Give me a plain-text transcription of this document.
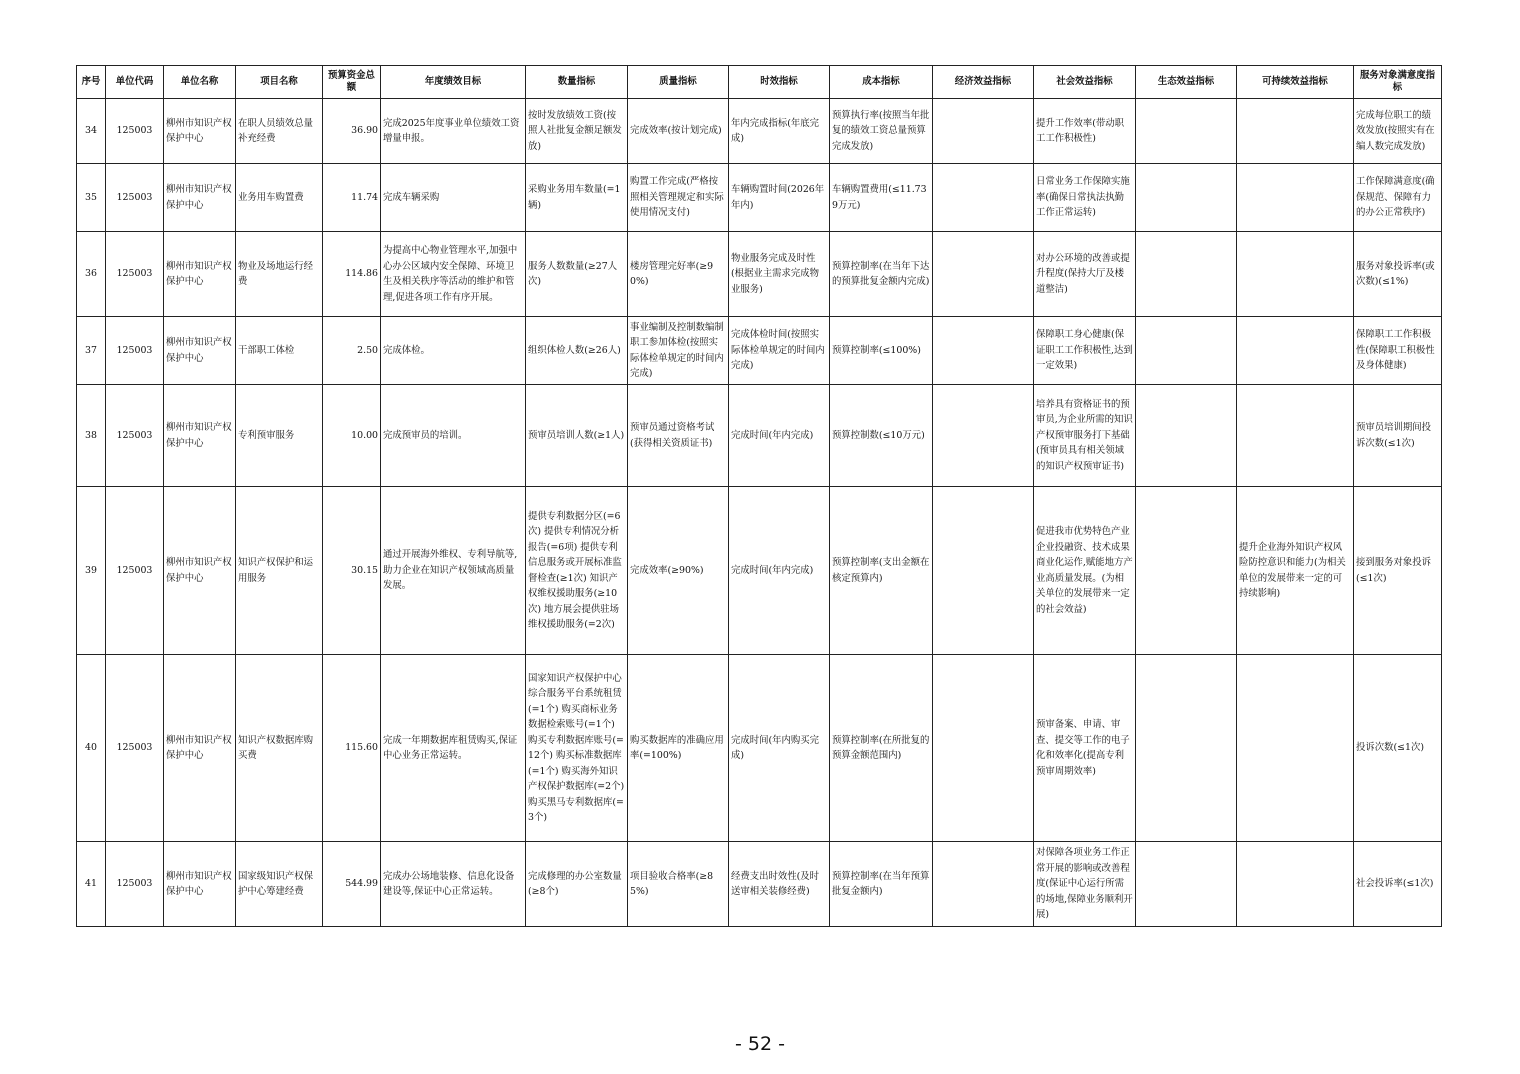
序号	单位代码	单位名称	项目名称	预算资金总额	年度绩效目标	数量指标	质量指标	时效指标	成本指标	经济效益指标	社会效益指标	生态效益指标	可持续效益指标	服务对象满意度指标
34	125003	柳州市知识产权保护中心	在职人员绩效总量补充经费	36.90	完成2025年度事业单位绩效工资增量申报。	按时发放绩效工资(按照人社批复金额足额发放)	完成效率(按计划完成)	年内完成指标(年底完成)	预算执行率(按照当年批复的绩效工资总量预算完成发放)		提升工作效率(带动职工工作积极性)			完成每位职工的绩效发放(按照实有在编人数完成发放)
35	125003	柳州市知识产权保护中心	业务用车购置费	11.74	完成车辆采购	采购业务用车数量(=1辆)	购置工作完成(严格按照相关管理规定和实际使用情况支付)	车辆购置时间(2026年年内)	车辆购置费用(≤11.739万元)		日常业务工作保障实施率(确保日常执法执勤工作正常运转)			工作保障满意度(确保规范、保障有力的办公正常秩序)
36	125003	柳州市知识产权保护中心	物业及场地运行经费	114.86	为提高中心物业管理水平,加强中心办公区域内安全保障、环境卫生及相关秩序等活动的维护和管理,促进各项工作有序开展。	服务人数数量(≥27人次)	楼房管理完好率(≥90%)	物业服务完成及时性(根据业主需求完成物业服务)	预算控制率(在当年下达的预算批复金额内完成)		对办公环境的改善或提升程度(保持大厅及楼道整洁)			服务对象投诉率(或次数)(≤1%)
37	125003	柳州市知识产权保护中心	干部职工体检	2.50	完成体检。	组织体检人数(≥26人)	事业编制及控制数编制职工参加体检(按照实际体检单规定的时间内完成)	完成体检时间(按照实际体检单规定的时间内完成)	预算控制率(≤100%)		保障职工身心健康(保证职工工作积极性,达到一定效果)			保障职工工作积极性(保障职工积极性及身体健康)
38	125003	柳州市知识产权保护中心	专利预审服务	10.00	完成预审员的培训。	预审员培训人数(≥1人)	预审员通过资格考试(获得相关资质证书)	完成时间(年内完成)	预算控制数(≤10万元)		培养具有资格证书的预审员,为企业所需的知识产权预审服务打下基础(预审员具有相关领域的知识产权预审证书)			预审员培训期间投诉次数(≤1次)
39	125003	柳州市知识产权保护中心	知识产权保护和运用服务	30.15	通过开展海外维权、专利导航等,助力企业在知识产权领域高质量发展。	提供专利数据分区(=6次) 提供专利情况分析报告(=6项) 提供专利信息服务或开展标准监督检查(≥1次) 知识产权维权援助服务(≥10次) 地方展会提供驻场维权援助服务(=2次)	完成效率(≥90%)	完成时间(年内完成)	预算控制率(支出金额在核定预算内)		促进我市优势特色产业企业投融资、技术成果商业化运作,赋能地方产业高质量发展。(为相关单位的发展带来一定的社会效益)		提升企业海外知识产权风险防控意识和能力(为相关单位的发展带来一定的可持续影响)	接到服务对象投诉(≤1次)
40	125003	柳州市知识产权保护中心	知识产权数据库购买费	115.60	完成一年期数据库租赁购买,保证中心业务正常运转。	国家知识产权保护中心综合服务平台系统租赁(=1个) 购买商标业务数据检索账号(=1个) 购买专利数据库账号(=12个) 购买标准数据库(=1个) 购买海外知识产权保护数据库(=2个) 购买黑马专利数据库(=3个)	购买数据库的准确应用率(=100%)	完成时间(年内购买完成)	预算控制率(在所批复的预算金额范围内)		预审备案、申请、审查、提交等工作的电子化和效率化(提高专利预审周期效率)			投诉次数(≤1次)
41	125003	柳州市知识产权保护中心	国家级知识产权保护中心筹建经费	544.99	完成办公场地装修、信息化设备建设等,保证中心正常运转。	完成修理的办公室数量(≥8个)	项目验收合格率(≥85%)	经费支出时效性(及时送审相关装修经费)	预算控制率(在当年预算批复金额内)		对保障各项业务工作正常开展的影响或改善程度(保证中心运行所需的场地,保障业务顺利开展)			社会投诉率(≤1次)
- 52 -
